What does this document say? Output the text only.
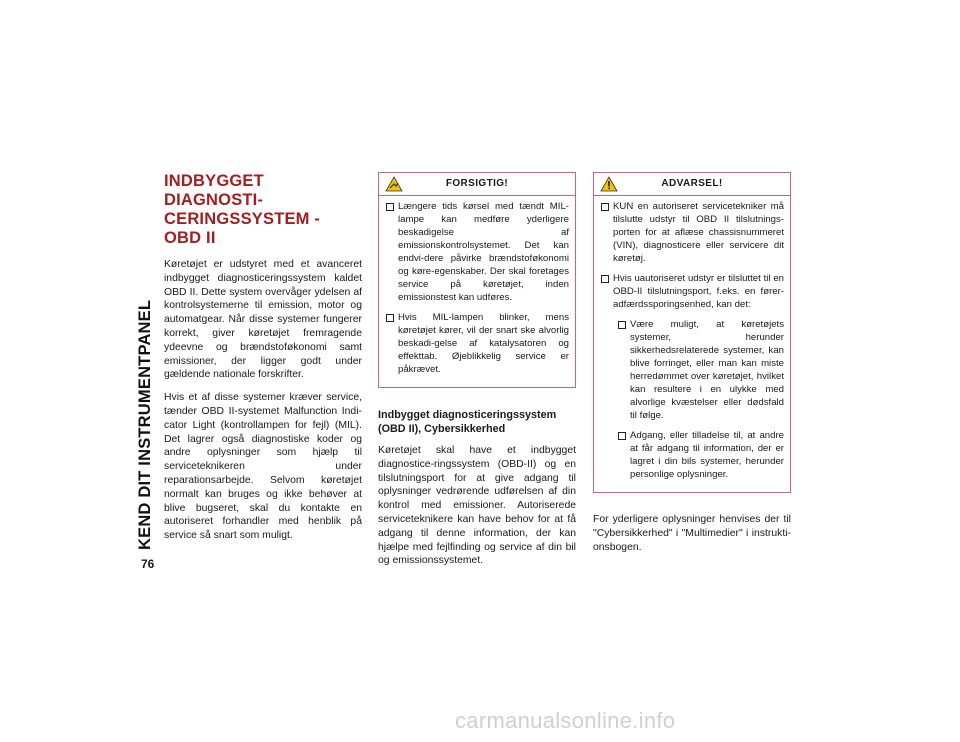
KEND DIT INSTRUMENTPANEL
76
INDBYGGET DIAGNOSTI-CERINGSSYSTEM - OBD II

Køretøjet er udstyret med et avanceret indbygget diagnosticeringssystem kaldet OBD II. Dette system overvåger ydelsen af kontrolsystemerne til emission, motor og automatgear. Når disse systemer fungerer korrekt, giver køretøjet fremragende ydeevne og brændstoføkonomi samt emissioner, der ligger godt under gældende nationale forskrifter.

Hvis et af disse systemer kræver service, tænder OBD II-systemet Malfunction Indi-cator Light (kontrollampen for fejl) (MIL). Det lagrer også diagnostiske koder og andre oplysninger som hjælp til serviceteknikeren under reparationsarbejde. Selvom køretøjet normalt kan bruges og ikke behøver at blive bugseret, skal du kontakte en autoriseret forhandler med henblik på service så snart som muligt.

FORSIGTIG!
Længere tids kørsel med tændt MIL-lampe kan medføre yderligere beskadigelse af emissionskontrolsystemet. Det kan endvi-dere påvirke brændstoføkonomi og køre-egenskaber. Der skal foretages service på køretøjet, inden emissionstest kan udføres.
Hvis MIL-lampen blinker, mens køretøjet kører, vil der snart ske alvorlig beskadi-gelse af katalysatoren og effekttab. Øjeblikkelig service er påkrævet.
Indbygget diagnosticeringssystem (OBD II), Cybersikkerhed

Køretøjet skal have et indbygget diagnostice-ringssystem (OBD-II) og en tilslutningsport for at give adgang til oplysninger vedrørende udførelsen af din kontrol med emissioner. Autoriserede serviceteknikere kan have behov for at få adgang til denne information, der kan hjælpe med fejlfinding og service af din bil og emissionssystemet.

ADVARSEL!
KUN en autoriseret servicetekniker må tilslutte udstyr til OBD II tilslutnings-porten for at aflæse chassisnummeret (VIN), diagnosticere eller servicere dit køretøj.
Hvis uautoriseret udstyr er tilsluttet til en OBD-II tilslutningsport, f.eks. en fører-adfærdssporingsenhed, kan det:
Være muligt, at køretøjets systemer, herunder sikkerhedsrelaterede systemer, kan blive forringet, eller man kan miste herredømmet over køretøjet, hvilket kan resultere i en ulykke med alvorlige kvæstelser eller dødsfald til følge.
Adgang, eller tilladelse til, at andre at får adgang til information, der er lagret i din bils systemer, herunder personlige oplysninger.

For yderligere oplysninger henvises der til "Cybersikkerhed" i "Multimedier" i instrukti-onsbogen.

carmanualsonline.info
